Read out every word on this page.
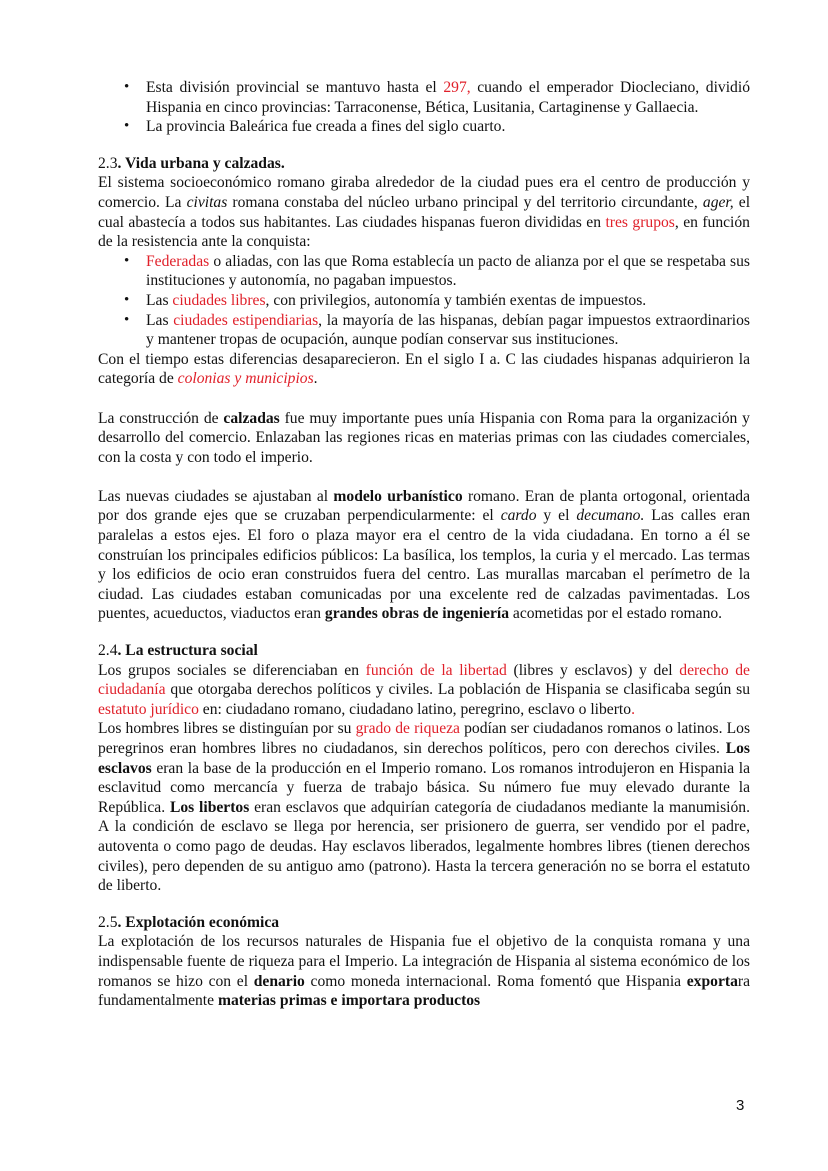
• Esta división provincial se mantuvo hasta el 297, cuando el emperador Diocleciano, dividió Hispania en cinco provincias: Tarraconense, Bética, Lusitania, Cartaginense y Gallaecia.
• La provincia Baleárica fue creada a fines del siglo cuarto.

2.3. Vida urbana y calzadas.

El sistema socioeconómico romano giraba alrededor de la ciudad pues era el centro de producción y comercio. La civitas romana constaba del núcleo urbano principal y del territorio circundante, ager, el cual abastecía a todos sus habitantes. Las ciudades hispanas fueron divididas en tres grupos, en función de la resistencia ante la conquista:

• Federadas o aliadas, con las que Roma establecía un pacto de alianza por el que se respetaba sus instituciones y autonomía, no pagaban impuestos.
• Las ciudades libres, con privilegios, autonomía y también exentas de impuestos.
• Las ciudades estipendiarias, la mayoría de las hispanas, debían pagar impuestos extraordinarios y mantener tropas de ocupación, aunque podían conservar sus instituciones.

Con el tiempo estas diferencias desaparecieron. En el siglo I a. C las ciudades hispanas adquirieron la categoría de colonias y municipios.

La construcción de calzadas fue muy importante pues unía Hispania con Roma para la organización y desarrollo del comercio. Enlazaban las regiones ricas en materias primas con las ciudades comerciales, con la costa y con todo el imperio.

Las nuevas ciudades se ajustaban al modelo urbanístico romano. Eran de planta ortogonal, orientada por dos grande ejes que se cruzaban perpendicularmente: el cardo y el decumano. Las calles eran paralelas a estos ejes. El foro o plaza mayor era el centro de la vida ciudadana. En torno a él se construían los principales edificios públicos: La basílica, los templos, la curia y el mercado. Las termas y los edificios de ocio eran construidos fuera del centro. Las murallas marcaban el perímetro de la ciudad. Las ciudades estaban comunicadas por una excelente red de calzadas pavimentadas. Los puentes, acueductos, viaductos eran grandes obras de ingeniería acometidas por el estado romano.

2.4. La estructura social

Los grupos sociales se diferenciaban en función de la libertad (libres y esclavos) y del derecho de ciudadanía que otorgaba derechos políticos y civiles. La población de Hispania se clasificaba según su estatuto jurídico en: ciudadano romano, ciudadano latino, peregrino, esclavo o liberto.

Los hombres libres se distinguían por su grado de riqueza podían ser ciudadanos romanos o latinos. Los peregrinos eran hombres libres no ciudadanos, sin derechos políticos, pero con derechos civiles. Los esclavos eran la base de la producción en el Imperio romano. Los romanos introdujeron en Hispania la esclavitud como mercancía y fuerza de trabajo básica. Su número fue muy elevado durante la República. Los libertos eran esclavos que adquirían categoría de ciudadanos mediante la manumisión. A la condición de esclavo se llega por herencia, ser prisionero de guerra, ser vendido por el padre, autoventa o como pago de deudas. Hay esclavos liberados, legalmente hombres libres (tienen derechos civiles), pero dependen de su antiguo amo (patrono). Hasta la tercera generación no se borra el estatuto de liberto.

2.5. Explotación económica

La explotación de los recursos naturales de Hispania fue el objetivo de la conquista romana y una indispensable fuente de riqueza para el Imperio. La integración de Hispania al sistema económico de los romanos se hizo con el denario como moneda internacional. Roma fomentó que Hispania exportara fundamentalmente materias primas e importara productos

3
